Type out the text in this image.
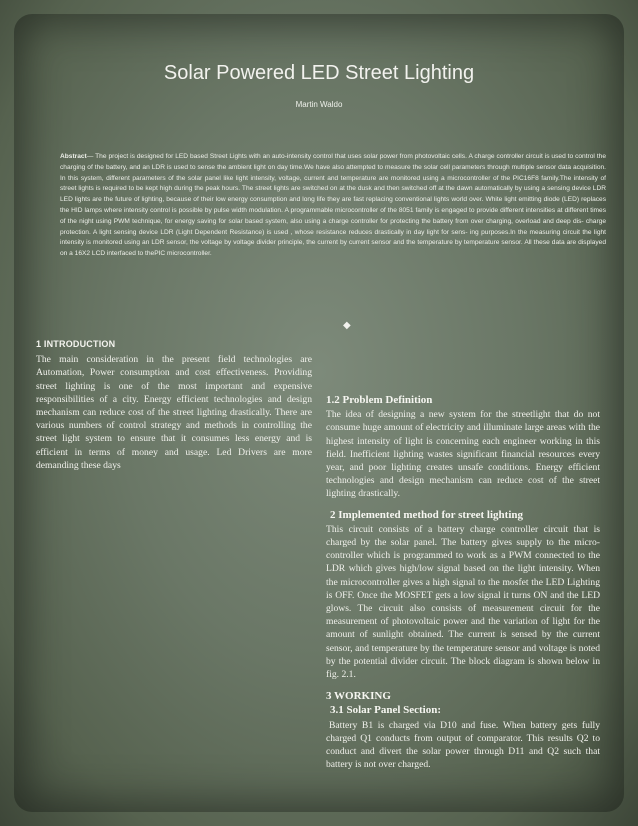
Solar Powered LED Street Lighting
Martin Waldo

Abstract— The project is designed for LED based Street Lights with an auto-intensity control that uses solar power from photovoltaic cells. A charge controller circuit is used to control the charging of the battery, and an LDR is used to sense the ambient light on day time.We have also attempted to measure the solar cell parameters through multiple sensor data acquisition. In this system, different parameters of the solar panel like light intensity, voltage, current and temperature are monitored using a microcontroller of the PIC16F8 family.The intensity of street lights is required to be kept high during the peak hours. The street lights are switched on at the dusk and then switched off at the dawn automatically by using a sensing device LDR LED lights are the future of lighting, because of their low energy consumption and long life they are fast replacing conventional lights world over. White light emitting diode (LED) replaces the HID lamps where intensity control is possible by pulse width modulation. A programmable microcontroller of the 8051 family is engaged to provide different intensities at different times of the night using PWM technique, for energy saving for solar based system, also using a charge controller for protecting the battery from over charging, overload and deep dis- charge protection. A light sensing device LDR (Light Dependent Resistance) is used , whose resistance reduces drastically in day light for sens- ing purposes.In the measuring circuit the light intensity is monitored using an LDR sensor, the voltage by voltage divider principle, the current by current sensor and the temperature by temperature sensor. All these data are displayed on a 16X2 LCD interfaced to thePIC microcontroller.

◆
1 INTRODUCTION

The main consideration in the present field technologies are Automation, Power consumption and cost effectiveness. Providing street lighting is one of the most important and expensive responsibilities of a city. Energy efficient technologies and design mechanism can reduce cost of the street lighting drastically. There are various numbers of control strategy and methods in controlling the street light system to ensure that it consumes less energy and is efficient in terms of money and usage. Led Drivers are more demanding these days

1.2 Problem Definition

The idea of designing a new system for the streetlight that do not consume huge amount of electricity and illuminate large areas with the highest intensity of light is concerning each engineer working in this field. Inefficient lighting wastes significant financial resources every year, and poor lighting creates unsafe conditions. Energy efficient technologies and design mechanism can reduce cost of the street lighting drastically.

2 Implemented method for street lighting

This circuit consists of a battery charge controller circuit that is charged by the solar panel. The battery gives supply to the micro-controller which is programmed to work as a PWM connected to the LDR which gives high/low signal based on the light intensity. When the microcontroller gives a high signal to the mosfet the LED Lighting is OFF. Once the MOSFET gets a low signal it turns ON and the LED glows. The circuit also consists of measurement circuit for the measurement of photovoltaic power and the variation of light for the amount of sunlight obtained. The current is sensed by the current sensor, and temperature by the temperature sensor and voltage is noted by the potential divider circuit. The block diagram is shown below in fig. 2.1.

3 WORKING
3.1 Solar Panel Section:

Battery B1 is charged via D10 and fuse. When battery gets fully charged Q1 conducts from output of comparator. This results Q2 to conduct and divert the solar power through D11 and Q2 such that battery is not over charged.
